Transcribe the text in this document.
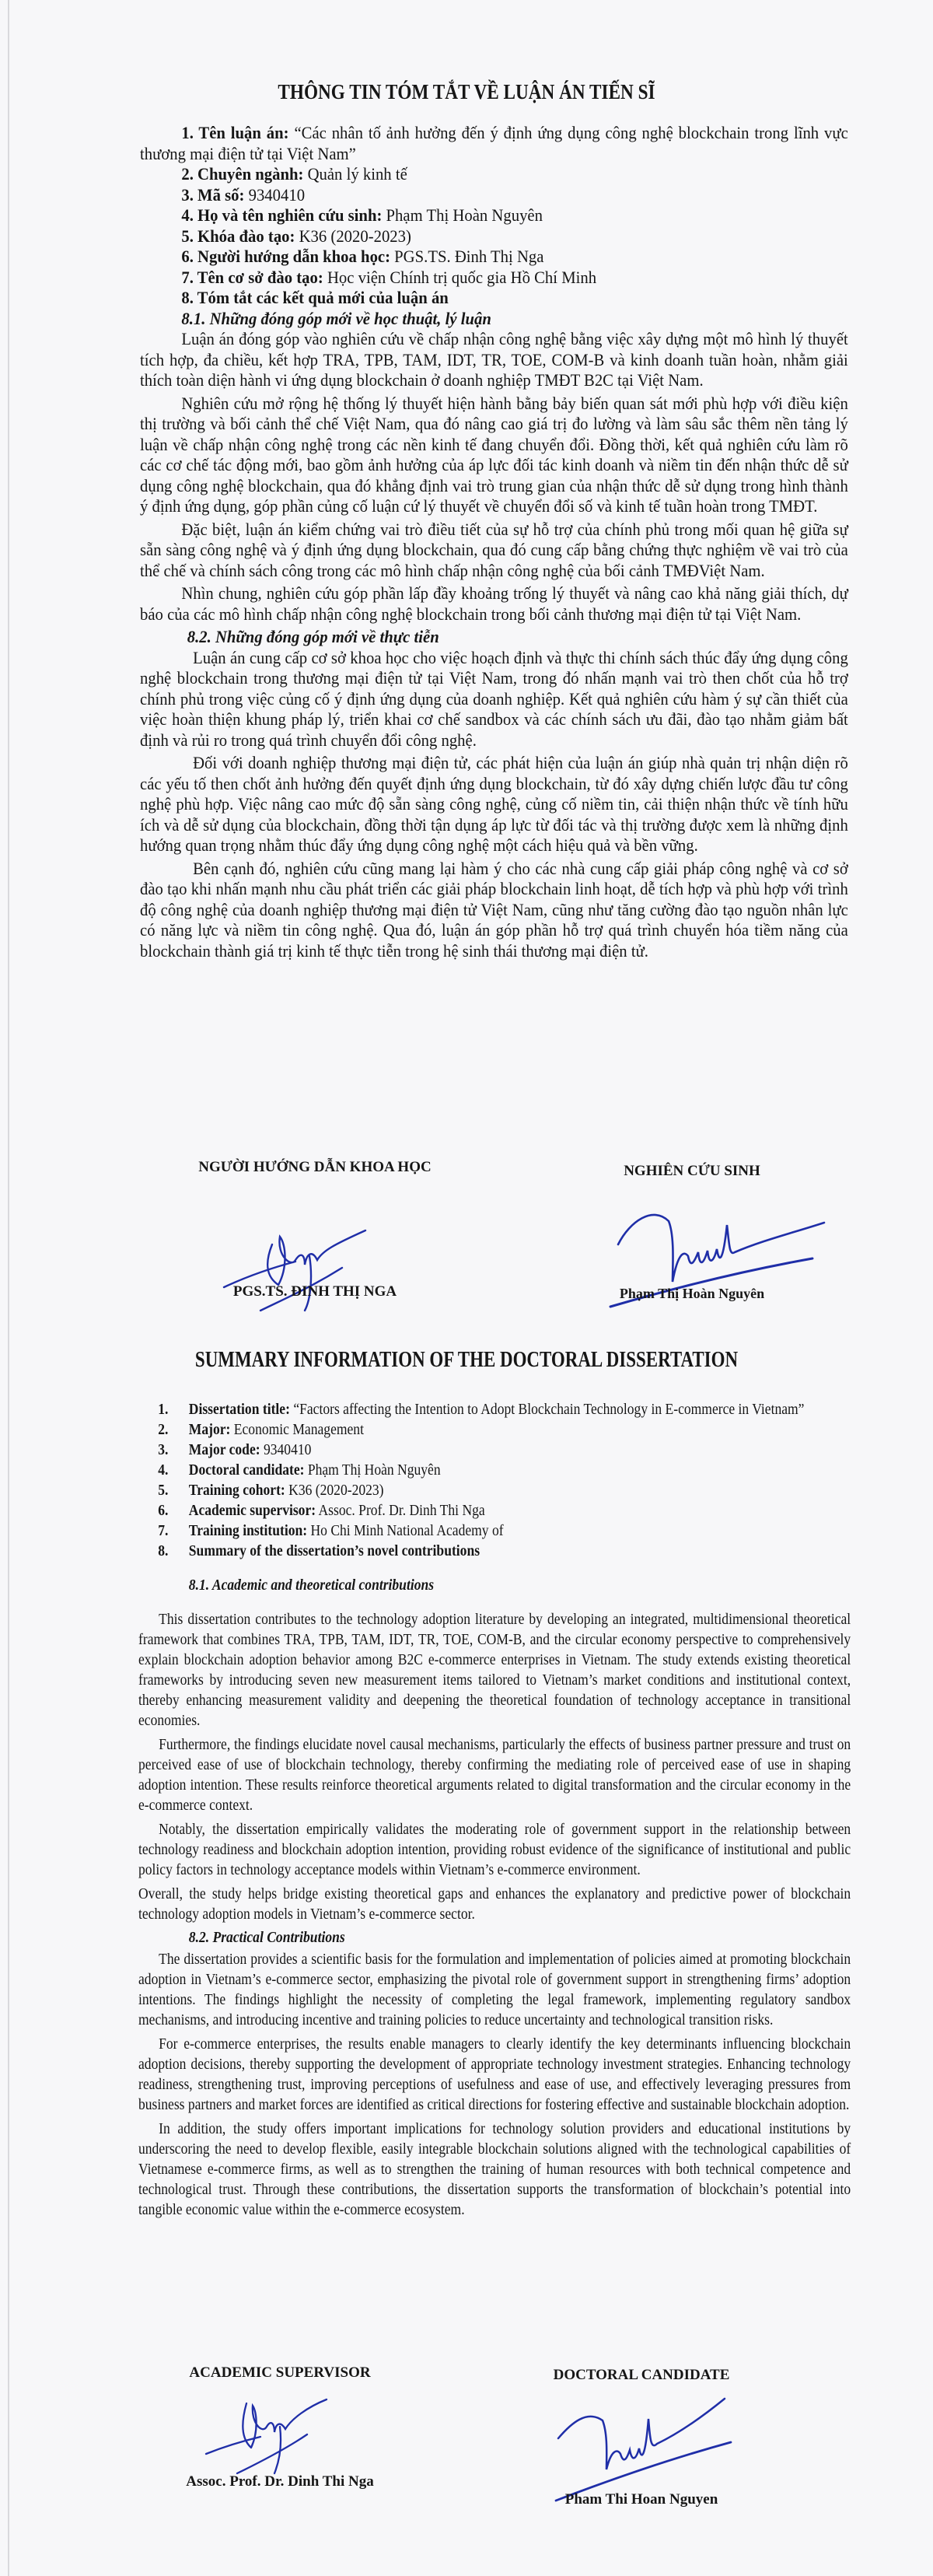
THÔNG TIN TÓM TẮT VỀ LUẬN ÁN TIẾN SĨ
1. Tên luận án: “Các nhân tố ảnh hưởng đến ý định ứng dụng công nghệ blockchain trong lĩnh vực thương mại điện tử tại Việt Nam”
2. Chuyên ngành: Quản lý kinh tế
3. Mã số: 9340410
4. Họ và tên nghiên cứu sinh: Phạm Thị Hoàn Nguyên
5. Khóa đào tạo: K36 (2020-2023)
6. Người hướng dẫn khoa học: PGS.TS. Đinh Thị Nga
7. Tên cơ sở đào tạo: Học viện Chính trị quốc gia Hồ Chí Minh
8. Tóm tắt các kết quả mới của luận án
8.1. Những đóng góp mới về học thuật, lý luận

Luận án đóng góp vào nghiên cứu về chấp nhận công nghệ bằng việc xây dựng một mô hình lý thuyết tích hợp, đa chiều, kết hợp TRA, TPB, TAM, IDT, TR, TOE, COM-B và kinh doanh tuần hoàn, nhằm giải thích toàn diện hành vi ứng dụng blockchain ở doanh nghiệp TMĐT B2C tại Việt Nam.

Nghiên cứu mở rộng hệ thống lý thuyết hiện hành bằng bảy biến quan sát mới phù hợp với điều kiện thị trường và bối cảnh thể chế Việt Nam, qua đó nâng cao giá trị đo lường và làm sâu sắc thêm nền tảng lý luận về chấp nhận công nghệ trong các nền kinh tế đang chuyển đổi. Đồng thời, kết quả nghiên cứu làm rõ các cơ chế tác động mới, bao gồm ảnh hưởng của áp lực đối tác kinh doanh và niềm tin đến nhận thức dễ sử dụng công nghệ blockchain, qua đó khẳng định vai trò trung gian của nhận thức dễ sử dụng trong hình thành ý định ứng dụng, góp phần củng cố luận cứ lý thuyết về chuyển đổi số và kinh tế tuần hoàn trong TMĐT.

Đặc biệt, luận án kiểm chứng vai trò điều tiết của sự hỗ trợ của chính phủ trong mối quan hệ giữa sự sẵn sàng công nghệ và ý định ứng dụng blockchain, qua đó cung cấp bằng chứng thực nghiệm về vai trò của thể chế và chính sách công trong các mô hình chấp nhận công nghệ của bối cảnh TMĐViệt Nam.

Nhìn chung, nghiên cứu góp phần lấp đầy khoảng trống lý thuyết và nâng cao khả năng giải thích, dự báo của các mô hình chấp nhận công nghệ blockchain trong bối cảnh thương mại điện tử tại Việt Nam.

8.2. Những đóng góp mới về thực tiễn

Luận án cung cấp cơ sở khoa học cho việc hoạch định và thực thi chính sách thúc đẩy ứng dụng công nghệ blockchain trong thương mại điện tử tại Việt Nam, trong đó nhấn mạnh vai trò then chốt của hỗ trợ chính phủ trong việc củng cố ý định ứng dụng của doanh nghiệp. Kết quả nghiên cứu hàm ý sự cần thiết của việc hoàn thiện khung pháp lý, triển khai cơ chế sandbox và các chính sách ưu đãi, đào tạo nhằm giảm bất định và rủi ro trong quá trình chuyển đổi công nghệ.

Đối với doanh nghiệp thương mại điện tử, các phát hiện của luận án giúp nhà quản trị nhận diện rõ các yếu tố then chốt ảnh hưởng đến quyết định ứng dụng blockchain, từ đó xây dựng chiến lược đầu tư công nghệ phù hợp. Việc nâng cao mức độ sẵn sàng công nghệ, củng cố niềm tin, cải thiện nhận thức về tính hữu ích và dễ sử dụng của blockchain, đồng thời tận dụng áp lực từ đối tác và thị trường được xem là những định hướng quan trọng nhằm thúc đẩy ứng dụng công nghệ một cách hiệu quả và bền vững.

Bên cạnh đó, nghiên cứu cũng mang lại hàm ý cho các nhà cung cấp giải pháp công nghệ và cơ sở đào tạo khi nhấn mạnh nhu cầu phát triển các giải pháp blockchain linh hoạt, dễ tích hợp và phù hợp với trình độ công nghệ của doanh nghiệp thương mại điện tử Việt Nam, cũng như tăng cường đào tạo nguồn nhân lực có năng lực và niềm tin công nghệ. Qua đó, luận án góp phần hỗ trợ quá trình chuyển hóa tiềm năng của blockchain thành giá trị kinh tế thực tiễn trong hệ sinh thái thương mại điện tử.

NGƯỜI HƯỚNG DẪN KHOA HỌC
PGS.TS. ĐINH THỊ NGA
NGHIÊN CỨU SINH
Phạm Thị Hoàn Nguyên
SUMMARY INFORMATION OF THE DOCTORAL DISSERTATION
1. Dissertation title: “Factors affecting the Intention to Adopt Blockchain Technology in E-commerce in Vietnam”
2. Major: Economic Management
3. Major code: 9340410
4. Doctoral candidate: Phạm Thị Hoàn Nguyên
5. Training cohort: K36 (2020-2023)
6. Academic supervisor: Assoc. Prof. Dr. Dinh Thi Nga
7. Training institution: Ho Chi Minh National Academy of
8. Summary of the dissertation’s novel contributions
8.1. Academic and theoretical contributions

This dissertation contributes to the technology adoption literature by developing an integrated, multidimensional theoretical framework that combines TRA, TPB, TAM, IDT, TR, TOE, COM-B, and the circular economy perspective to comprehensively explain blockchain adoption behavior among B2C e-commerce enterprises in Vietnam. The study extends existing theoretical frameworks by introducing seven new measurement items tailored to Vietnam’s market conditions and institutional context, thereby enhancing measurement validity and deepening the theoretical foundation of technology acceptance in transitional economies.

Furthermore, the findings elucidate novel causal mechanisms, particularly the effects of business partner pressure and trust on perceived ease of use of blockchain technology, thereby confirming the mediating role of perceived ease of use in shaping adoption intention. These results reinforce theoretical arguments related to digital transformation and the circular economy in the e-commerce context.

Notably, the dissertation empirically validates the moderating role of government support in the relationship between technology readiness and blockchain adoption intention, providing robust evidence of the significance of institutional and public policy factors in technology acceptance models within Vietnam’s e-commerce environment.

Overall, the study helps bridge existing theoretical gaps and enhances the explanatory and predictive power of blockchain technology adoption models in Vietnam’s e-commerce sector.

8.2. Practical Contributions

The dissertation provides a scientific basis for the formulation and implementation of policies aimed at promoting blockchain adoption in Vietnam’s e-commerce sector, emphasizing the pivotal role of government support in strengthening firms’ adoption intentions. The findings highlight the necessity of completing the legal framework, implementing regulatory sandbox mechanisms, and introducing incentive and training policies to reduce uncertainty and technological transition risks.

For e-commerce enterprises, the results enable managers to clearly identify the key determinants influencing blockchain adoption decisions, thereby supporting the development of appropriate technology investment strategies. Enhancing technology readiness, strengthening trust, improving perceptions of usefulness and ease of use, and effectively leveraging pressures from business partners and market forces are identified as critical directions for fostering effective and sustainable blockchain adoption.

In addition, the study offers important implications for technology solution providers and educational institutions by underscoring the need to develop flexible, easily integrable blockchain solutions aligned with the technological capabilities of Vietnamese e-commerce firms, as well as to strengthen the training of human resources with both technical competence and technological trust. Through these contributions, the dissertation supports the transformation of blockchain’s potential into tangible economic value within the e-commerce ecosystem.

ACADEMIC SUPERVISOR
Assoc. Prof. Dr. Dinh Thi Nga
DOCTORAL CANDIDATE
Pham Thi Hoan Nguyen
